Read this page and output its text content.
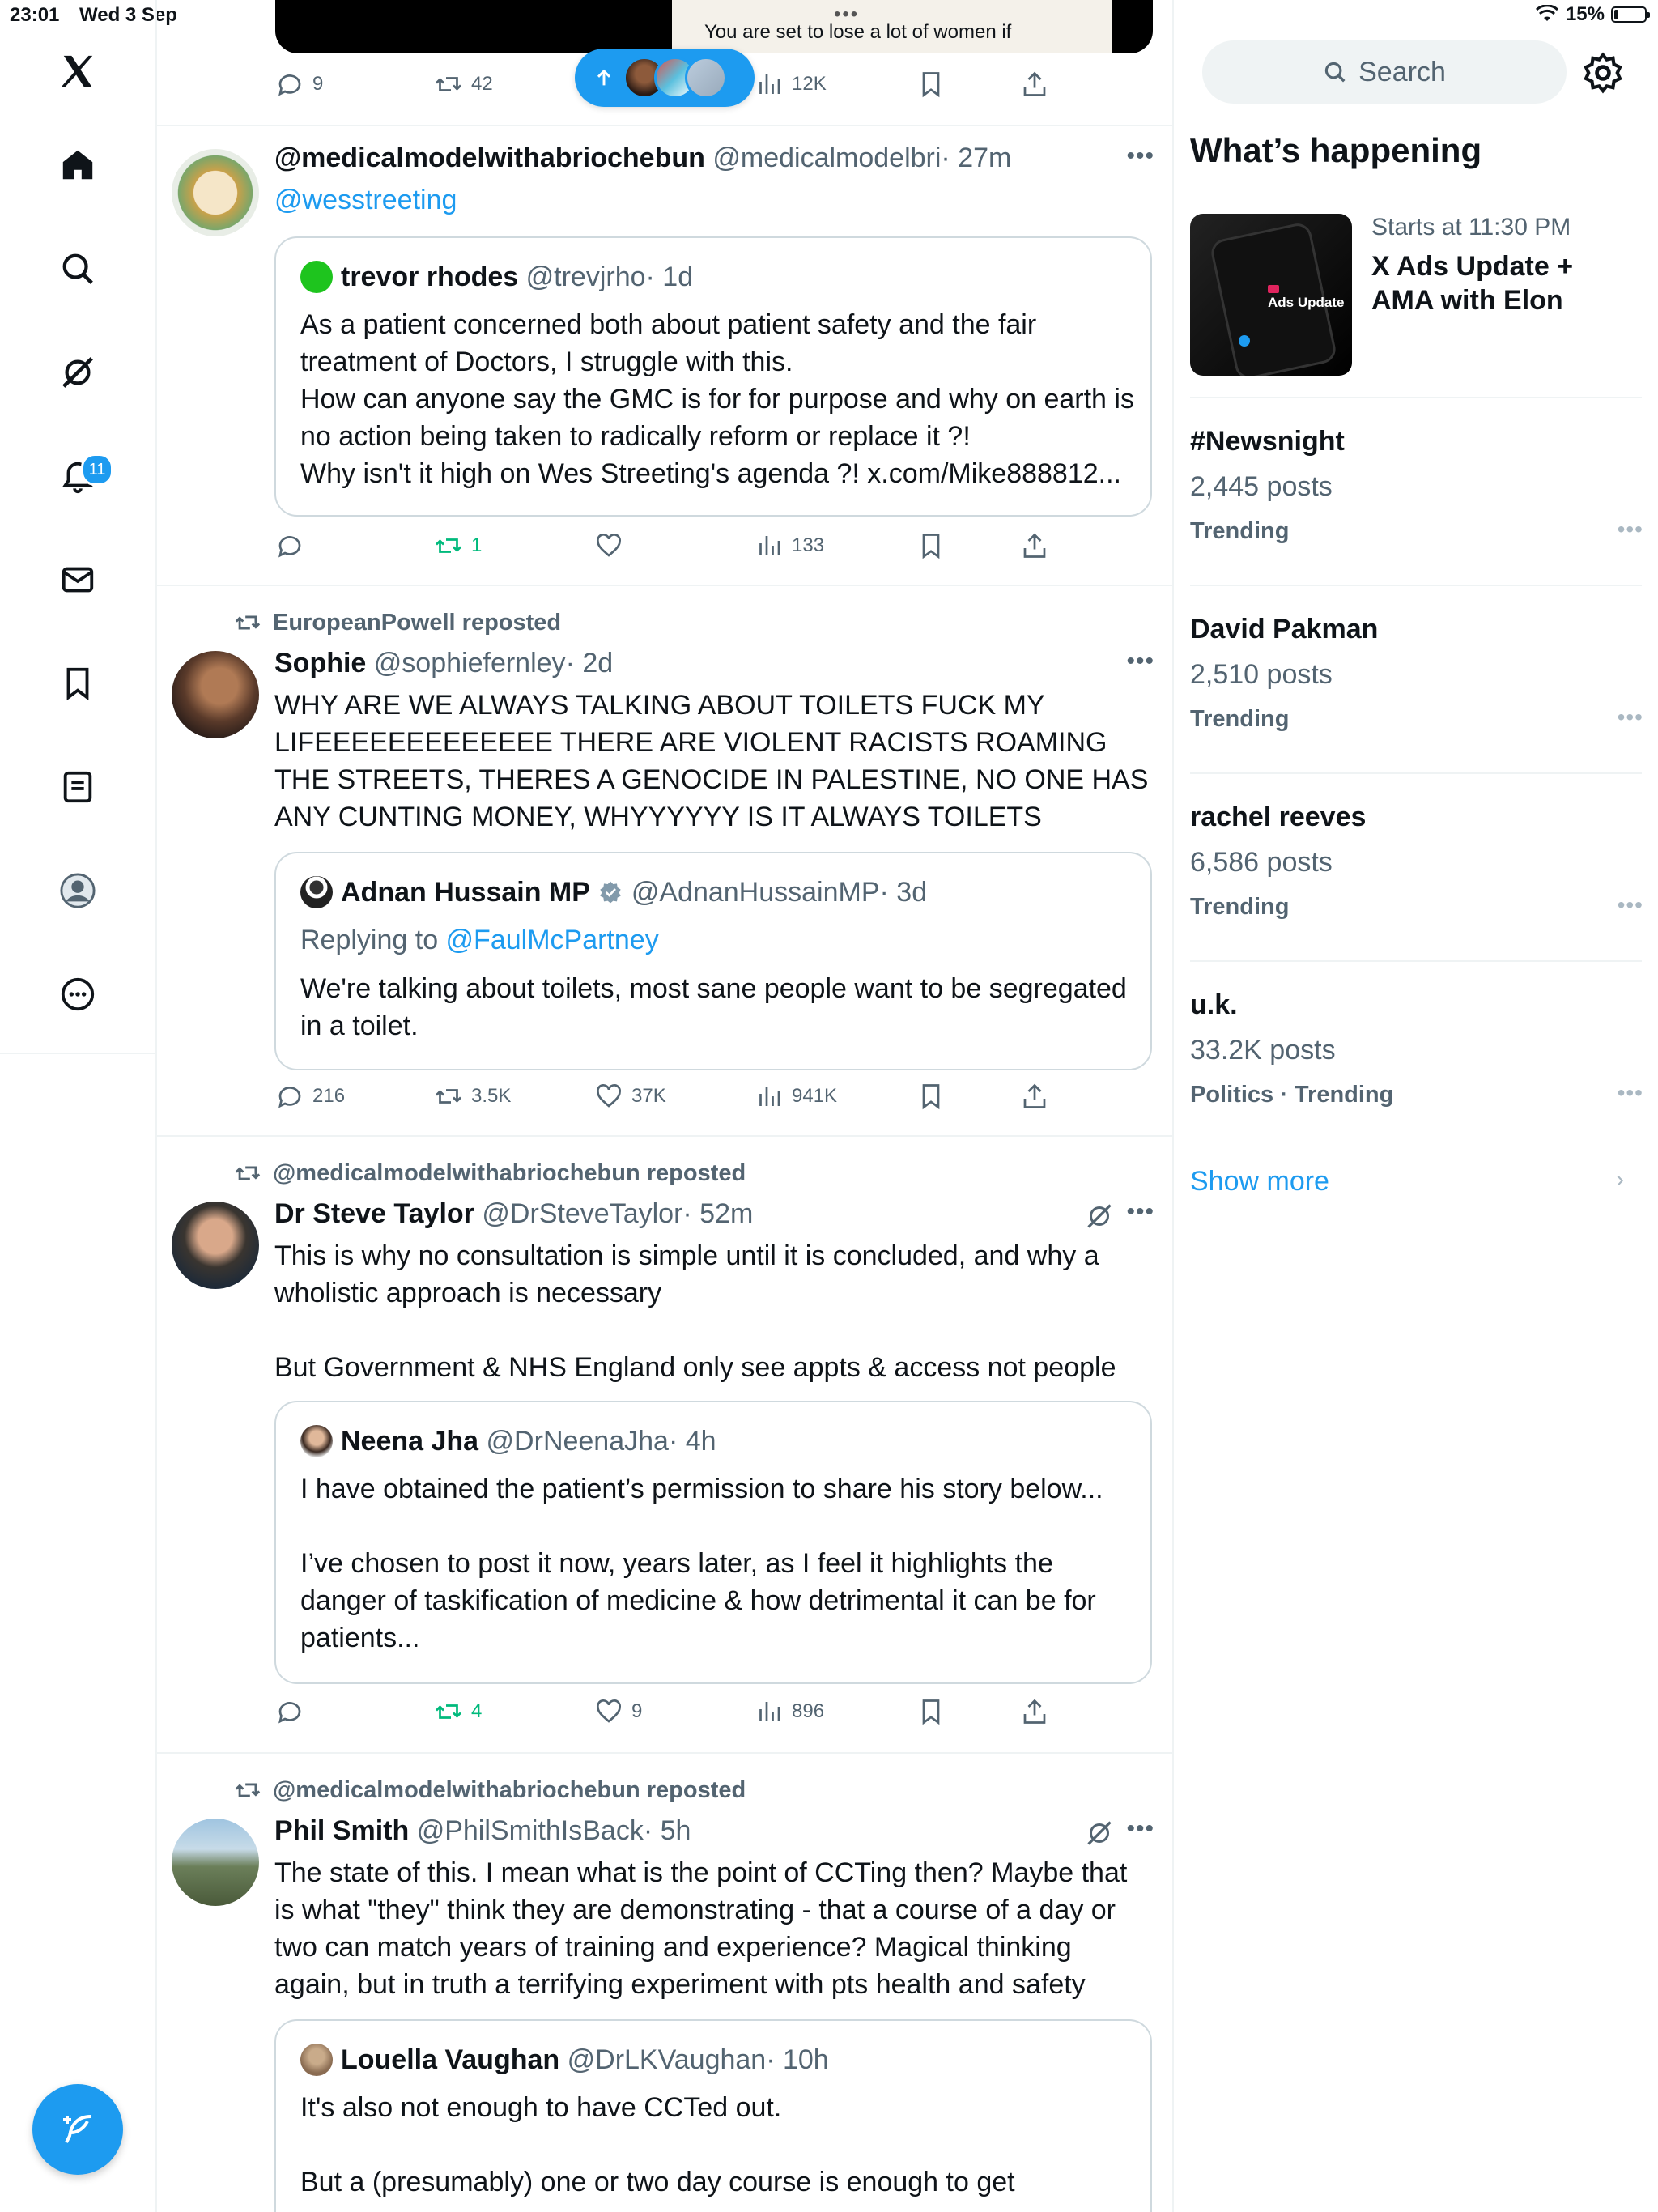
23:01 Wed 3 Sep	15%
11
•••
You are set to lose a lot of women if
9	42	12K
@medicalmodelwithabriochebun @medicalmodelbri· 27m	•••
@wesstreeting
trevor rhodes
@trevjrho · 1d
As a patient concerned both about patient safety and the fair treatment of Doctors, I struggle with this.
How can anyone say the GMC is for for purpose and why on earth is no action being taken to radically reform or replace it ?!
Why isn't it high on Wes Streeting's agenda ?! x.com/Mike888812...
1	133
EuropeanPowell reposted
Sophie @sophiefernley· 2d	•••
WHY ARE WE ALWAYS TALKING ABOUT TOILETS FUCK MY LIFEEEEEEEEEEEEE THERE ARE VIOLENT RACISTS ROAMING THE STREETS, THERES A GENOCIDE IN PALESTINE, NO ONE HAS ANY CUNTING MONEY, WHYYYYYY IS IT ALWAYS TOILETS
Adnan Hussain MP

@AdnanHussainMP · 3d
Replying to @FaulMcPartney
We're talking about toilets, most sane people want to be segregated in a toilet.
216	3.5K	37K	941K
@medicalmodelwithabriochebun reposted
Dr Steve Taylor @DrSteveTaylor· 52m	•••
This is why no consultation is simple until it is concluded, and why a wholistic approach is necessary

But Government & NHS England only see appts & access not people
Neena Jha
@DrNeenaJha · 4h
I have obtained the patient’s permission to share his story below...

I’ve chosen to post it now, years later, as I feel it highlights the danger of taskification of medicine & how detrimental it can be for patients...
4	9	896
@medicalmodelwithabriochebun reposted
Phil Smith @PhilSmithIsBack· 5h	•••
The state of this. I mean what is the point of CCTing then? Maybe that is what "they" think they are demonstrating - that a course of a day or two can match years of training and experience? Magical thinking again, but in truth a terrifying experiment with pts health and safety
Louella Vaughan
@DrLKVaughan · 10h
It's also not enough to have CCTed out.

But a (presumably) one or two day course is enough to get
Search
What’s happening
Ads Update
Starts at 11:30 PM
X Ads Update + AMA with Elon
#Newsnight
2,445 posts
Trending	•••
David Pakman
2,510 posts
Trending	•••
rachel reeves
6,586 posts
Trending	•••
u.k.
33.2K posts
Politics · Trending	•••
Show more	›
